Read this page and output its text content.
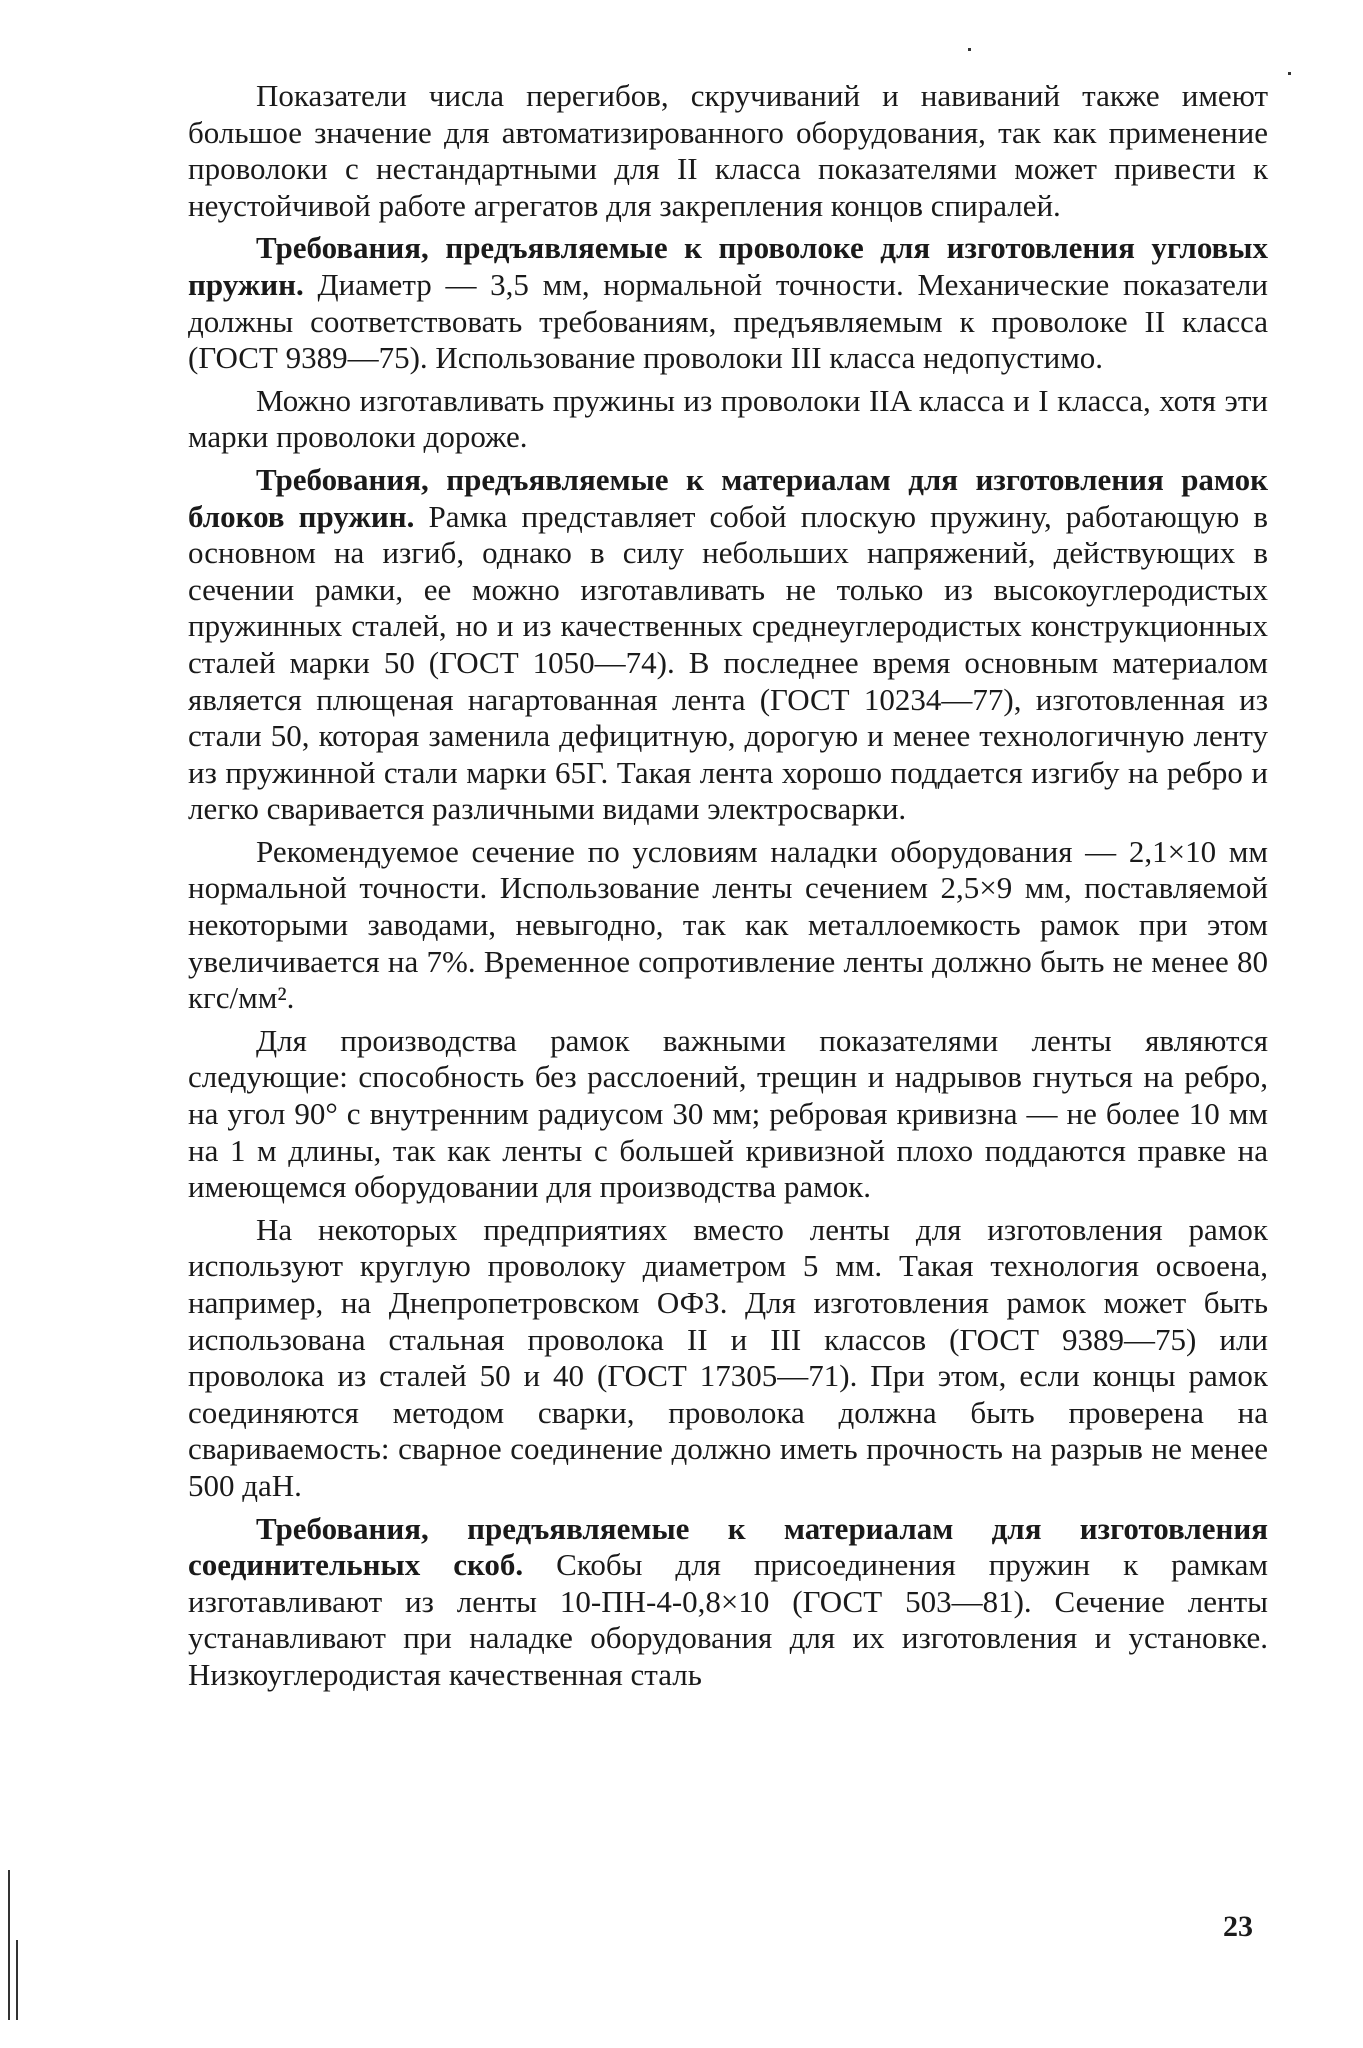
Показатели числа перегибов, скручиваний и навиваний также имеют большое значение для автоматизированного оборудования, так как применение проволоки с нестандартными для II класса показателями может привести к неустойчивой работе агрегатов для закрепления концов спиралей.

Требования, предъявляемые к проволоке для изготовления угловых пружин. Диаметр — 3,5 мм, нормальной точности. Механические показатели должны соответствовать требованиям, предъявляемым к проволоке II класса (ГОСТ 9389—75). Использование проволоки III класса недопустимо.

Можно изготавливать пружины из проволоки IIA класса и I класса, хотя эти марки проволоки дороже.

Требования, предъявляемые к материалам для изготовления рамок блоков пружин. Рамка представляет собой плоскую пружину, работающую в основном на изгиб, однако в силу небольших напряжений, действующих в сечении рамки, ее можно изготавливать не только из высокоуглеродистых пружинных сталей, но и из качественных среднеуглеродистых конструкционных сталей марки 50 (ГОСТ 1050—74). В последнее время основным материалом является плющеная нагартованная лента (ГОСТ 10234—77), изготовленная из стали 50, которая заменила дефицитную, дорогую и менее технологичную ленту из пружинной стали марки 65Г. Такая лента хорошо поддается изгибу на ребро и легко сваривается различными видами электросварки.

Рекомендуемое сечение по условиям наладки оборудования — 2,1×10 мм нормальной точности. Использование ленты сечением 2,5×9 мм, поставляемой некоторыми заводами, невыгодно, так как металлоемкость рамок при этом увеличивается на 7%. Временное сопротивление ленты должно быть не менее 80 кгс/мм².

Для производства рамок важными показателями ленты являются следующие: способность без расслоений, трещин и надрывов гнуться на ребро, на угол 90° с внутренним радиусом 30 мм; ребровая кривизна — не более 10 мм на 1 м длины, так как ленты с большей кривизной плохо поддаются правке на имеющемся оборудовании для производства рамок.

На некоторых предприятиях вместо ленты для изготовления рамок используют круглую проволоку диаметром 5 мм. Такая технология освоена, например, на Днепропетровском ОФЗ. Для изготовления рамок может быть использована стальная проволока II и III классов (ГОСТ 9389—75) или проволока из сталей 50 и 40 (ГОСТ 17305—71). При этом, если концы рамок соединяются методом сварки, проволока должна быть проверена на свариваемость: сварное соединение должно иметь прочность на разрыв не менее 500 даН.

Требования, предъявляемые к материалам для изготовления соединительных скоб. Скобы для присоединения пружин к рамкам изготавливают из ленты 10-ПН-4-0,8×10 (ГОСТ 503—81). Сечение ленты устанавливают при наладке оборудования для их изготовления и установке. Низкоуглеродистая качественная сталь

23
